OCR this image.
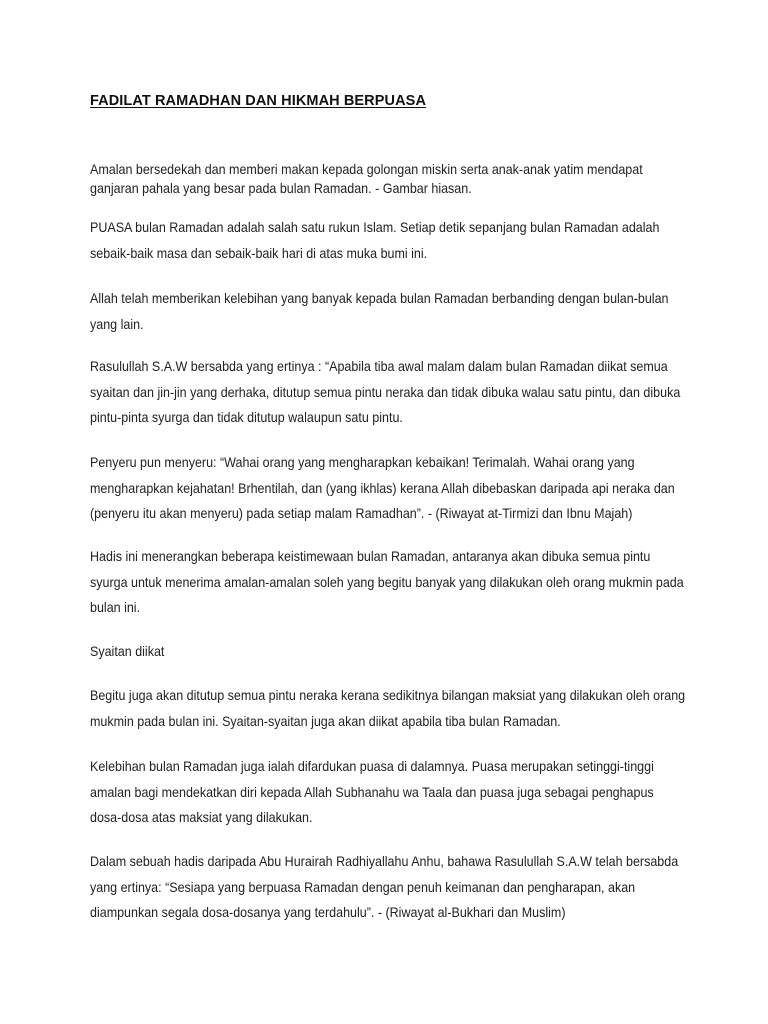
FADILAT RAMADHAN DAN HIKMAH BERPUASA

Amalan bersedekah dan memberi makan kepada golongan miskin serta anak-anak yatim mendapat ganjaran pahala yang besar pada bulan Ramadan. - Gambar hiasan.

PUASA bulan Ramadan adalah salah satu rukun Islam. Setiap detik sepanjang bulan Ramadan adalah sebaik-baik masa dan sebaik-baik hari di atas muka bumi ini.

Allah telah memberikan kelebihan yang banyak kepada bulan Ramadan berbanding dengan bulan-bulan yang lain.

Rasulullah S.A.W bersabda yang ertinya : “Apabila tiba awal malam dalam bulan Ramadan diikat semua syaitan dan jin-jin yang derhaka, ditutup semua pintu neraka dan tidak dibuka walau satu pintu, dan dibuka pintu-pinta syurga dan tidak ditutup walaupun satu pintu.

Penyeru pun menyeru: “Wahai orang yang mengharapkan kebaikan! Terimalah. Wahai orang yang mengharapkan kejahatan! Brhentilah, dan (yang ikhlas) kerana Allah dibebaskan daripada api neraka dan (penyeru itu akan menyeru) pada setiap malam Ramadhan”. - (Riwayat at-Tirmizi dan Ibnu Majah)

Hadis ini menerangkan beberapa keistimewaan bulan Ramadan, antaranya akan dibuka semua pintu syurga untuk menerima amalan-amalan soleh yang begitu banyak yang dilakukan oleh orang mukmin pada bulan ini.

Syaitan diikat

Begitu juga akan ditutup semua pintu neraka kerana sedikitnya bilangan maksiat yang dilakukan oleh orang mukmin pada bulan ini. Syaitan-syaitan juga akan diikat apabila tiba bulan Ramadan.

Kelebihan bulan Ramadan juga ialah difardukan puasa di dalamnya. Puasa merupakan setinggi-tinggi amalan bagi mendekatkan diri kepada Allah Subhanahu wa Taala dan puasa juga sebagai penghapus dosa-dosa atas maksiat yang dilakukan.

Dalam sebuah hadis daripada Abu Hurairah Radhiyallahu Anhu, bahawa Rasulullah S.A.W telah bersabda yang ertinya: “Sesiapa yang berpuasa Ramadan dengan penuh keimanan dan pengharapan, akan diampunkan segala dosa-dosanya yang terdahulu”. - (Riwayat al-Bukhari dan Muslim)
